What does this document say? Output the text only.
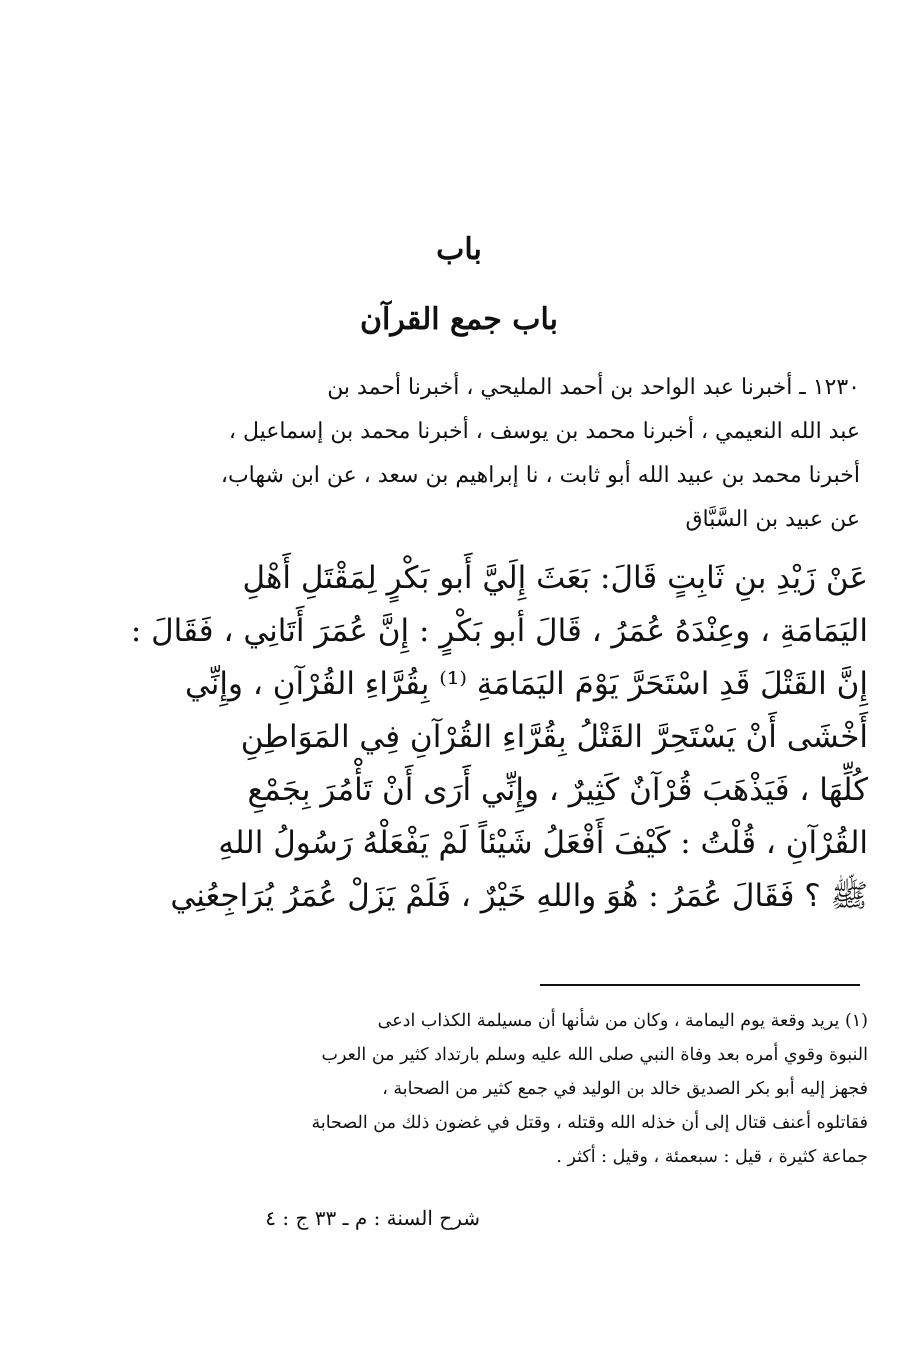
باب
باب جمع القرآن
١٢٣٠ ـ أخبرنا عبد الواحد بن أحمد المليحي ، أخبرنا أحمد بن
عبد الله النعيمي ، أخبرنا محمد بن يوسف ، أخبرنا محمد بن إسماعيل ،
أخبرنا محمد بن عبيد الله أبو ثابت ، نا إبراهيم بن سعد ، عن ابن شهاب،
عن عبيد بن السَّبَّاق
عَنْ زَيْدِ بنِ ثَابِتٍ قَالَ: بَعَثَ إِلَيَّ أَبو بَكْرٍ لِمَقْتَلِ أَهْلِ
اليَمَامَةِ ، وعِنْدَهُ عُمَرُ ، قَالَ أبو بَكْرٍ : إِنَّ عُمَرَ أَتَانِي ، فَقَالَ :
إِنَّ القَتْلَ قَدِ اسْتَحَرَّ يَوْمَ اليَمَامَةِ ⁽¹⁾ بِقُرَّاءِ القُرْآنِ ، وإِنِّي
أَخْشَى أَنْ يَسْتَحِرَّ القَتْلُ بِقُرَّاءِ القُرْآنِ فِي المَوَاطِنِ
كُلِّهَا ، فَيَذْهَبَ قُرْآنٌ كَثِيرٌ ، وإِنِّي أَرَى أَنْ تَأْمُرَ بِجَمْعِ
القُرْآنِ ، قُلْتُ : كَيْفَ أَفْعَلُ شَيْئاً لَمْ يَفْعَلْهُ رَسُولُ اللهِ
ﷺ ؟ فَقَالَ عُمَرُ : هُوَ واللهِ خَيْرٌ ، فَلَمْ يَزَلْ عُمَرُ يُرَاجِعُنِي
(١) يريد وقعة يوم اليمامة ، وكان من شأنها أن مسيلمة الكذاب ادعى
النبوة وقوي أمره بعد وفاة النبي صلى الله عليه وسلم بارتداد كثير من العرب
فجهز إليه أبو بكر الصديق خالد بن الوليد في جمع كثير من الصحابة ،
فقاتلوه أعنف قتال إلى أن خذله الله وقتله ، وقتل في غضون ذلك من الصحابة
جماعة كثيرة ، قيل : سبعمئة ، وقيل : أكثر .
شرح السنة : م ـ ٣٣ ج : ٤
